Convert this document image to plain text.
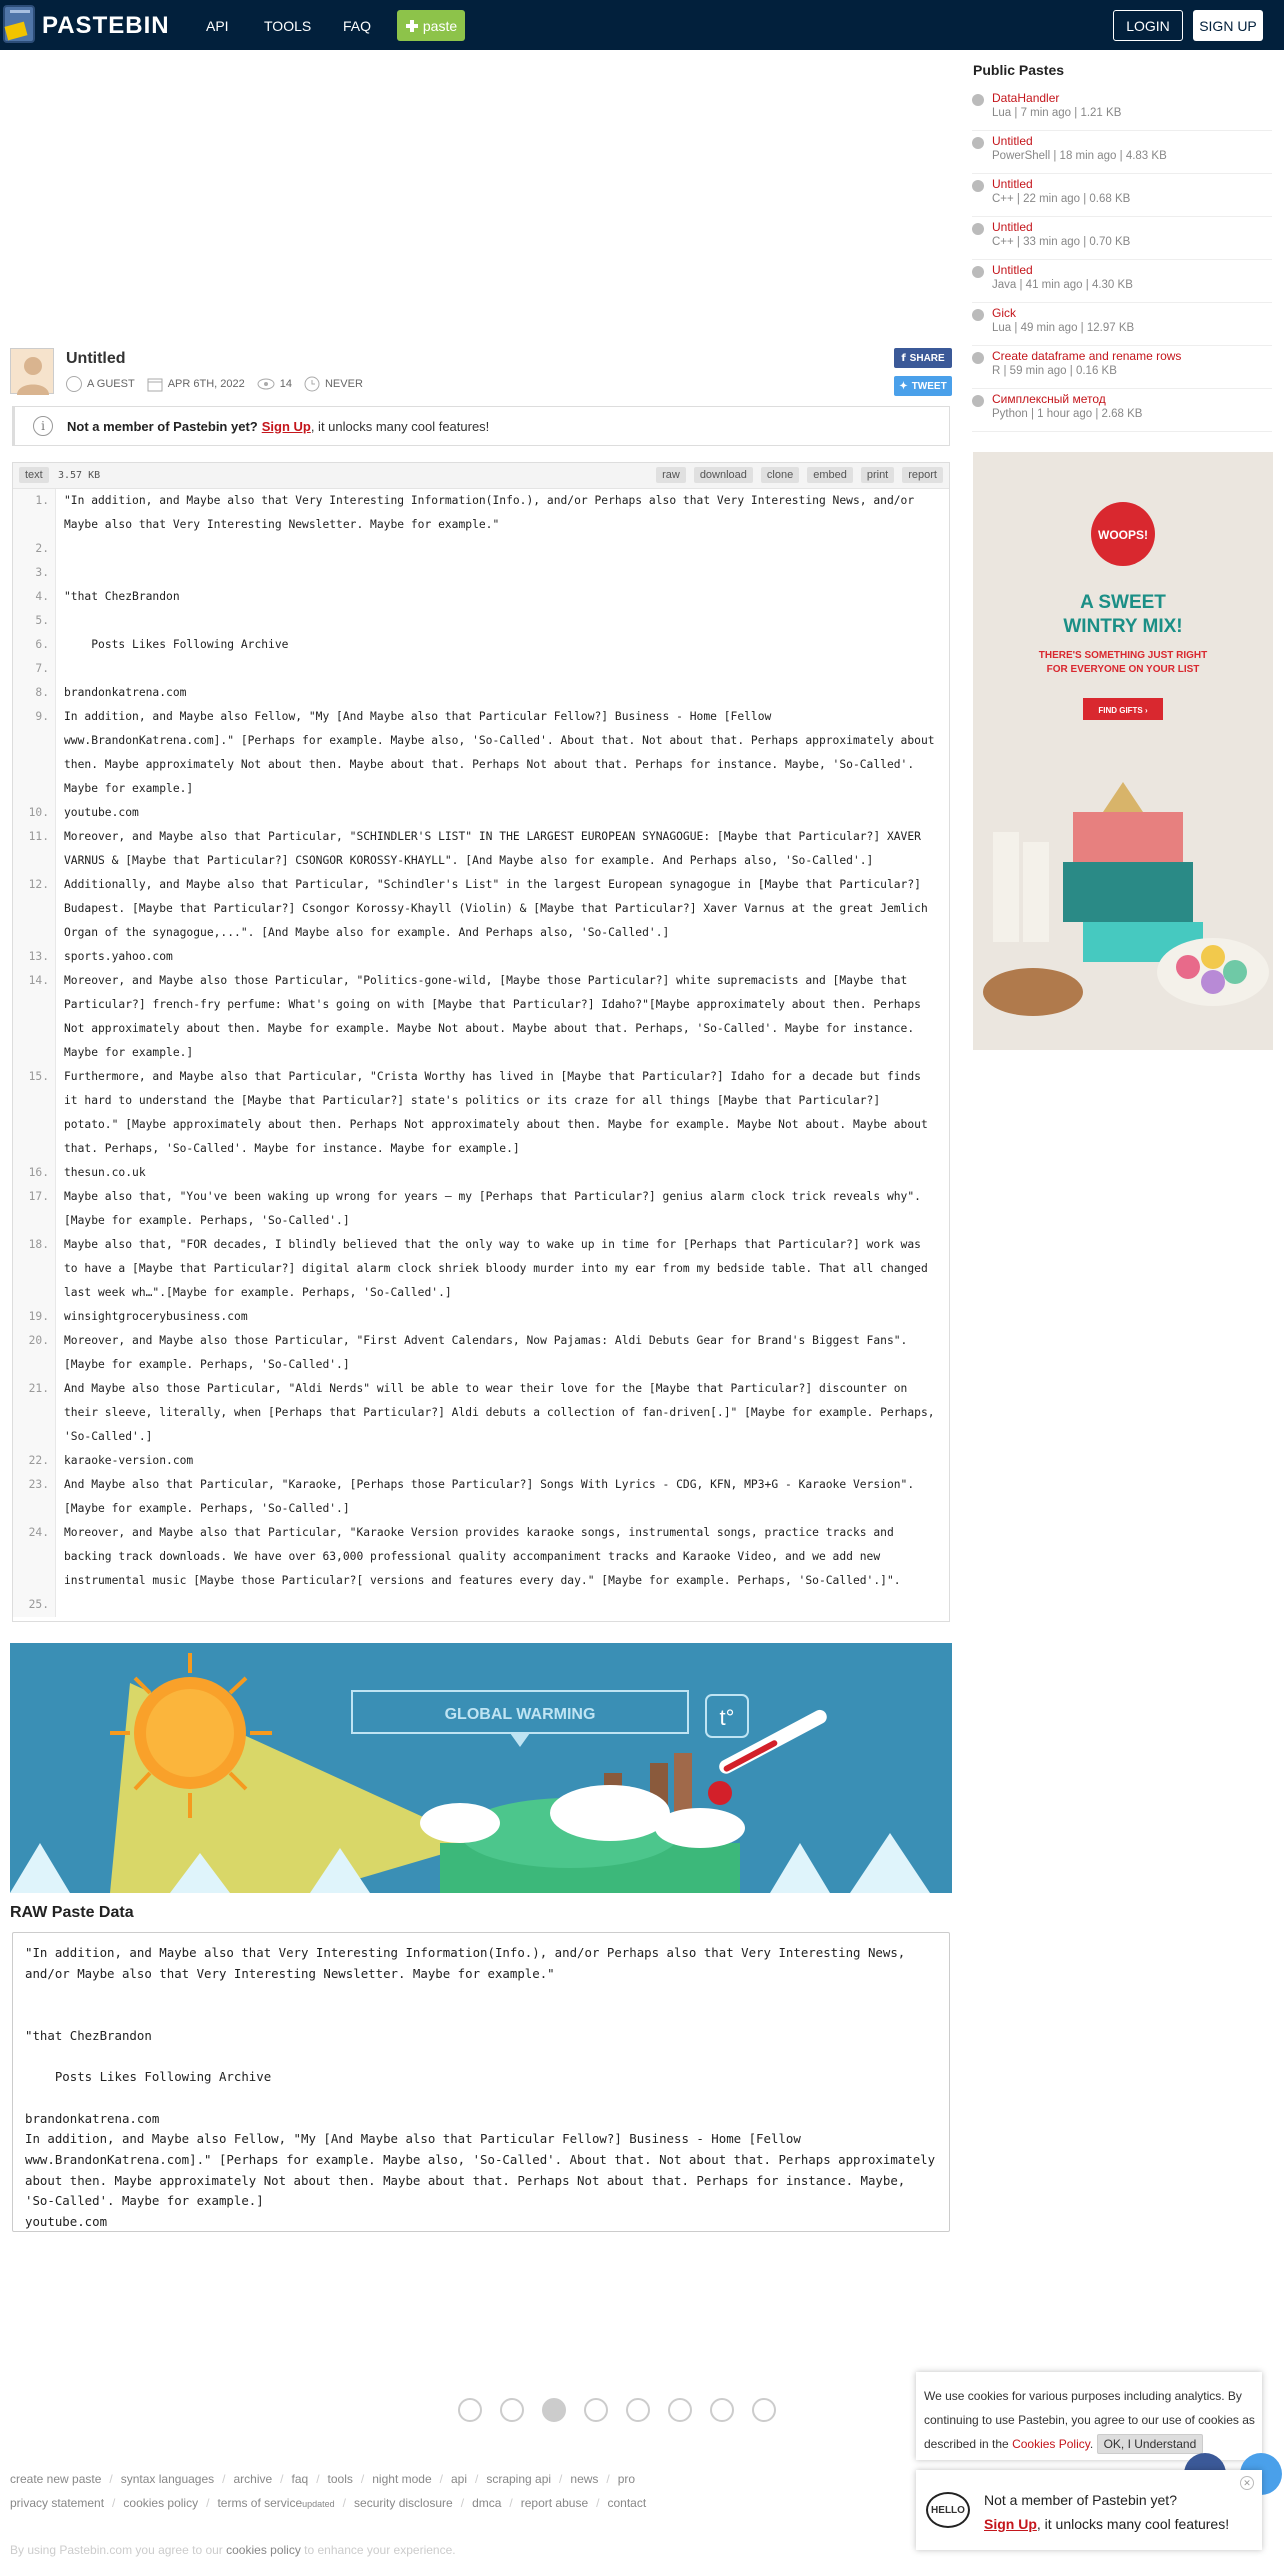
PASTEBIN	API	TOOLS FAQ	paste	LOGIN	SIGN UP
Untitled
A GUEST	APR 6TH, 2022	14	NEVER
f SHARE
✦ TWEET
i	Not a member of Pastebin yet? Sign Up , it unlocks many cool features!
text	3.57 KB	raw	download	clone	embed	print	report
1.	"In addition, and Maybe also that Very Interesting Information(Info.), and/or Perhaps also that Very Interesting News, and/or Maybe also that Very Interesting Newsletter. Maybe for example."
2.
3.
4.	"that ChezBrandon
5.
6.	Posts Likes Following Archive
7.
8.	brandonkatrena.com
9.	In addition, and Maybe also Fellow, "My [And Maybe also that Particular Fellow?] Business - Home [Fellow www.BrandonKatrena.com]." [Perhaps for example. Maybe also, 'So-Called'. About that. Not about that. Perhaps approximately about then. Maybe approximately Not about then. Maybe about that. Perhaps Not about that. Perhaps for instance. Maybe, 'So-Called'. Maybe for example.]
10.	youtube.com
11.	Moreover, and Maybe also that Particular, "SCHINDLER'S LIST" IN THE LARGEST EUROPEAN SYNAGOGUE: [Maybe that Particular?] XAVER VARNUS & [Maybe that Particular?] CSONGOR KOROSSY-KHAYLL". [And Maybe also for example. And Perhaps also, 'So-Called'.]
12.	Additionally, and Maybe also that Particular, "Schindler's List" in the largest European synagogue in [Maybe that Particular?] Budapest. [Maybe that Particular?] Csongor Korossy-Khayll (Violin) & [Maybe that Particular?] Xaver Varnus at the great Jemlich Organ of the synagogue,...". [And Maybe also for example. And Perhaps also, 'So-Called'.]
13.	sports.yahoo.com
14.	Moreover, and Maybe also those Particular, "Politics-gone-wild, [Maybe those Particular?] white supremacists and [Maybe that Particular?] french-fry perfume: What's going on with [Maybe that Particular?] Idaho?"[Maybe approximately about then. Perhaps Not approximately about then. Maybe for example. Maybe Not about. Maybe about that. Perhaps, 'So-Called'. Maybe for instance. Maybe for example.]
15.	Furthermore, and Maybe also that Particular, "Crista Worthy has lived in [Maybe that Particular?] Idaho for a decade but finds it hard to understand the [Maybe that Particular?] state's politics or its craze for all things [Maybe that Particular?] potato." [Maybe approximately about then. Perhaps Not approximately about then. Maybe for example. Maybe Not about. Maybe about that. Perhaps, 'So-Called'. Maybe for instance. Maybe for example.]
16.	thesun.co.uk
17.	Maybe also that, "You've been waking up wrong for years – my [Perhaps that Particular?] genius alarm clock trick reveals why". [Maybe for example. Perhaps, 'So-Called'.]
18.	Maybe also that, "FOR decades, I blindly believed that the only way to wake up in time for [Perhaps that Particular?] work was to have a [Maybe that Particular?] digital alarm clock shriek bloody murder into my ear from my bedside table. That all changed last week wh…".[Maybe for example. Perhaps, 'So-Called'.]
19.	winsightgrocerybusiness.com
20.	Moreover, and Maybe also those Particular, "First Advent Calendars, Now Pajamas: Aldi Debuts Gear for Brand's Biggest Fans". [Maybe for example. Perhaps, 'So-Called'.]
21.	And Maybe also those Particular, "Aldi Nerds" will be able to wear their love for the [Maybe that Particular?] discounter on their sleeve, literally, when [Perhaps that Particular?] Aldi debuts a collection of fan-driven[.]" [Maybe for example. Perhaps, 'So-Called'.]
22.	karaoke-version.com
23.	And Maybe also that Particular, "Karaoke, [Perhaps those Particular?] Songs With Lyrics - CDG, KFN, MP3+G - Karaoke Version". [Maybe for example. Perhaps, 'So-Called'.]
24.	Moreover, and Maybe also that Particular, "Karaoke Version provides karaoke songs, instrumental songs, practice tracks and backing track downloads. We have over 63,000 professional quality accompaniment tracks and Karaoke Video, and we add new instrumental music [Maybe those Particular?[ versions and features every day." [Maybe for example. Perhaps, 'So-Called'.]".
25.
GLOBAL WARMING	t°
RAW Paste Data
"In addition, and Maybe also that Very Interesting Information(Info.), and/or Perhaps also that Very Interesting News, and/or Maybe also that Very Interesting Newsletter. Maybe for example."

"that ChezBrandon

Posts Likes Following Archive

brandonkatrena.com
In addition, and Maybe also Fellow, "My [And Maybe also that Particular Fellow?] Business - Home [Fellow www.BrandonKatrena.com]." [Perhaps for example. Maybe also, 'So-Called'. About that. Not about that. Perhaps approximately about then. Maybe approximately Not about then. Maybe about that. Perhaps Not about that. Perhaps for instance. Maybe, 'So-Called'. Maybe for example.]
youtube.com
Public Pastes
DataHandler
Lua | 7 min ago | 1.21 KB
Untitled
PowerShell | 18 min ago | 4.83 KB
Untitled
C++ | 22 min ago | 0.68 KB
Untitled
C++ | 33 min ago | 0.70 KB
Untitled
Java | 41 min ago | 4.30 KB
Gick
Lua | 49 min ago | 12.97 KB
Create dataframe and rename rows
R | 59 min ago | 0.16 KB
Симплексный метод
Python | 1 hour ago | 2.68 KB
WOOPS!
A SWEET
WINTRY MIX!
THERE'S SOMETHING JUST RIGHT
FOR EVERYONE ON YOUR LIST
FIND GIFTS ›
create new paste / syntax languages / archive / faq / tools / night mode / api / scraping api / news / pro
privacy statement / cookies policy / terms of service updated / security disclosure / dmca / report abuse / contact
By using Pastebin.com you agree to our cookies policy to enhance your experience.
We use cookies for various purposes including analytics. By continuing to use Pastebin, you agree to our use of cookies as described in the Cookies Policy. OK, I Understand
HELLO
Not a member of Pastebin yet?
Sign Up, it unlocks many cool features!
✕
